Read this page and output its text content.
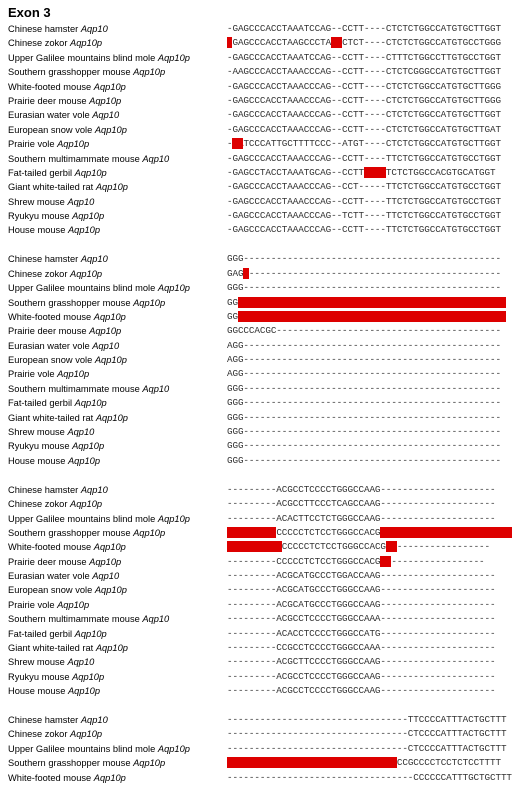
Exon 3
Chinese hamster Aqp10	-GAGCCCACCTAAATCCAG--CCTT----CTCTCTGGCCATGTGCTTGGT
Chinese zokor Aqp10p	-GAGCCCACCTAAGCCCTAAGCTCT----CTCTCTGGCCATGTGCCTGGG
Upper Galilee mountains blind mole Aqp10p	-GAGCCCACCTAAATCCAG--CCTT----CTTTCTGGCCTTGTGCCTGGT
Southern grasshopper mouse Aqp10p	-AAGCCCACCTAAACCCAG--CCTT----CTCTCGGGCCATGTGCTTGGT
White-footed mouse Aqp10p	-GAGCCCACCTAAACCCAG--CCTT----CTCTCTGGCCATGTGCTTGGG
Prairie deer mouse Aqp10p	-GAGCCCACCTAAACCCAG--CCTT----CTCTCTGGCCATGTGCTTGGG
Eurasian water vole Aqp10	-GAGCCCACCTAAACCCAG--CCTT----CTCTCTGGCCATGTGCTTGGT
European snow vole Aqp10p	-GAGCCCACCTAAACCCAG--CCTT----CTCTCTGGCCATGTGCTTGAT
Prairie vole Aqp10p	-GATCCCATTGCTTTTCCC--ATGT----CTCTCTGGCCATGTGCTTGGT
Southern multimammate mouse Aqp10	-GAGCCCACCTAAACCCAG--CCTT----TTCTCTGGCCATGTGCCTGGT
Fat-tailed gerbil Aqp10p	-GAGCCTACCTAAATGCAG--CCTTGGCCTCTCTGGCCACGTGCATGGT
Giant white-tailed rat Aqp10p	-GAGCCCACCTAAACCCAG--CCT-----TTCTCTGGCCATGTGCCTGGT
Shrew mouse Aqp10	-GAGCCCACCTAAACCCAG--CCTT----TTCTCTGGCCATGTGCCTGGT
Ryukyu mouse Aqp10p	-GAGCCCACCTAAACCCAG--TCTT----TTCTCTGGCCATGTGCCTGGT
House mouse Aqp10p	-GAGCCCACCTAAACCCAG--CCTT----TTCTCTGGCCATGTGCCTGGT
Chinese hamster Aqp10	GGG-----------------------------------------------
Chinese zokor Aqp10p	GAG-----------------------------------------------
Upper Galilee mountains blind mole Aqp10p	GGG-----------------------------------------------
Southern grasshopper mouse Aqp10p	GGAGGCCCCCCTGAGCCAGGCCCCTCCCCTGGGCCAGGCCCCCTCCCCTGG
White-footed mouse Aqp10p	GGCCCTGCCCCTAGGCCACGGCCCCCCCCCTGGGCCACG---CCCCTCTGG
Prairie deer mouse Aqp10p	GGCCCACGC-----------------------------------------
Eurasian water vole Aqp10	AGG-----------------------------------------------
European snow vole Aqp10p	AGG-----------------------------------------------
Prairie vole Aqp10p	AGG-----------------------------------------------
Southern multimammate mouse Aqp10	GGG-----------------------------------------------
Fat-tailed gerbil Aqp10p	GGG-----------------------------------------------
Giant white-tailed rat Aqp10p	GGG-----------------------------------------------
Shrew mouse Aqp10	GGG-----------------------------------------------
Ryukyu mouse Aqp10p	GGG-----------------------------------------------
House mouse Aqp10p	GGG-----------------------------------------------
Chinese hamster Aqp10	---------ACGCCTCCCCTGGGCCAAG---------------------
Chinese zokor Aqp10p	---------ACGCCTTCCCTCAGCCAAG---------------------
Upper Galilee mountains blind mole Aqp10p	---------ACACTTCCTCTGGGCCAAG---------------------
Southern grasshopper mouse Aqp10p	CCGGCCACGCCCCCTCTCCTGGGCCACGCCCCCCCTCCCGGGCCGGGCCAGG
White-footed mouse Aqp10p	CCAGGCCACGCCCCCTCTCCTGGGCCACGCC-----------------
Prairie deer mouse Aqp10p	---------CCCCCTCTCCTGGGCCACGCC-----------------
Eurasian water vole Aqp10	---------ACGCATGCCCTGGACCAAG---------------------
European snow vole Aqp10p	---------ACGCATGCCCTGGGCCAAG---------------------
Prairie vole Aqp10p	---------ACGCATGCCCTGGGCCAAG---------------------
Southern multimammate mouse Aqp10	---------ACGCCTCCCCTGGGCCAAA---------------------
Fat-tailed gerbil Aqp10p	---------ACACCTCCCCTGGGCCATG---------------------
Giant white-tailed rat Aqp10p	---------CCGCCTCCCCTGGGCCAAA---------------------
Shrew mouse Aqp10	---------ACGCTTCCCCTGGGCCAAG---------------------
Ryukyu mouse Aqp10p	---------ACGCCTCCCCTGGGCCAAG---------------------
House mouse Aqp10p	---------ACGCCTCCCCTGGGCCAAG---------------------
Chinese hamster Aqp10	---------------------------------TTCCCCATTTACTGCTTT
Chinese zokor Aqp10p	---------------------------------CTCCCCATTTACTGCTTT
Upper Galilee mountains blind mole Aqp10p	---------------------------------CTCCCCATTTACTGCTTT
Southern grasshopper mouse Aqp10p	CCTGCCGGCCAGGCCCCTCTCCTGGGCCACGCCGCCCCTCCTCTCCTTTT
White-footed mouse Aqp10p	----------------------------------CCCCCCATTTGCTGCTTT
